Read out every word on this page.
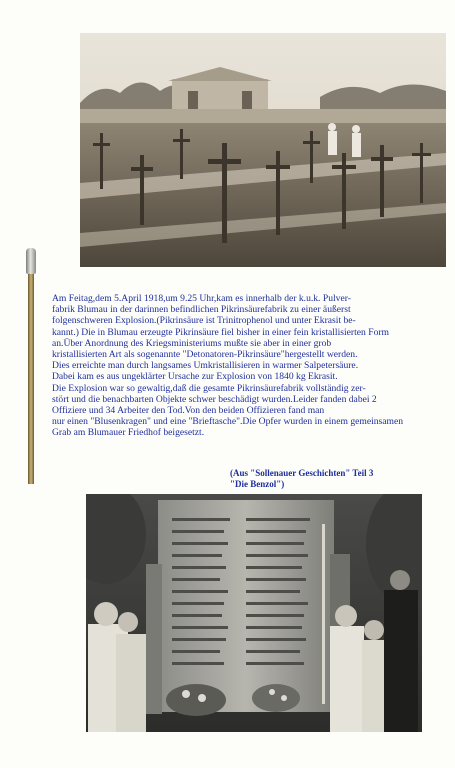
Am Feitag,dem 5.April 1918,um 9.25 Uhr,kam es innerhalb der k.u.k. Pulver-

fabrik Blumau in der darinnen befindlichen Pikrinsäurefabrik zu einer äußerst

folgenschweren Explosion.(Pikrinsäure ist Trinitrophenol und unter Ekrasit be-

kannt.) Die in Blumau erzeugte Pikrinsäure fiel bisher in einer fein kristallisierten Form

an.Über Anordnung des Kriegsministeriums mußte sie aber in einer grob

kristallisierten Art als sogenannte "Detonatoren-Pikrinsäure"hergestellt werden.

Dies erreichte man durch langsames Umkristallisieren in warmer Salpetersäure.

Dabei kam es aus ungeklärter Ursache zur Explosion von 1840 kg Ekrasit.

Die Explosion war so gewaltig,daß die gesamte Pikrinsäurefabrik vollständig zer-

stört und die benachbarten Objekte schwer beschädigt wurden.Leider fanden dabei 2

Offiziere und 34 Arbeiter den Tod.Von den beiden Offizieren fand man

nur einen "Blusenkragen" und eine "Brieftasche".Die Opfer wurden in einem gemeinsamen

Grab am Blumauer Friedhof beigesetzt.

(Aus "Sollenauer Geschichten" Teil 3

"Die Benzol")
